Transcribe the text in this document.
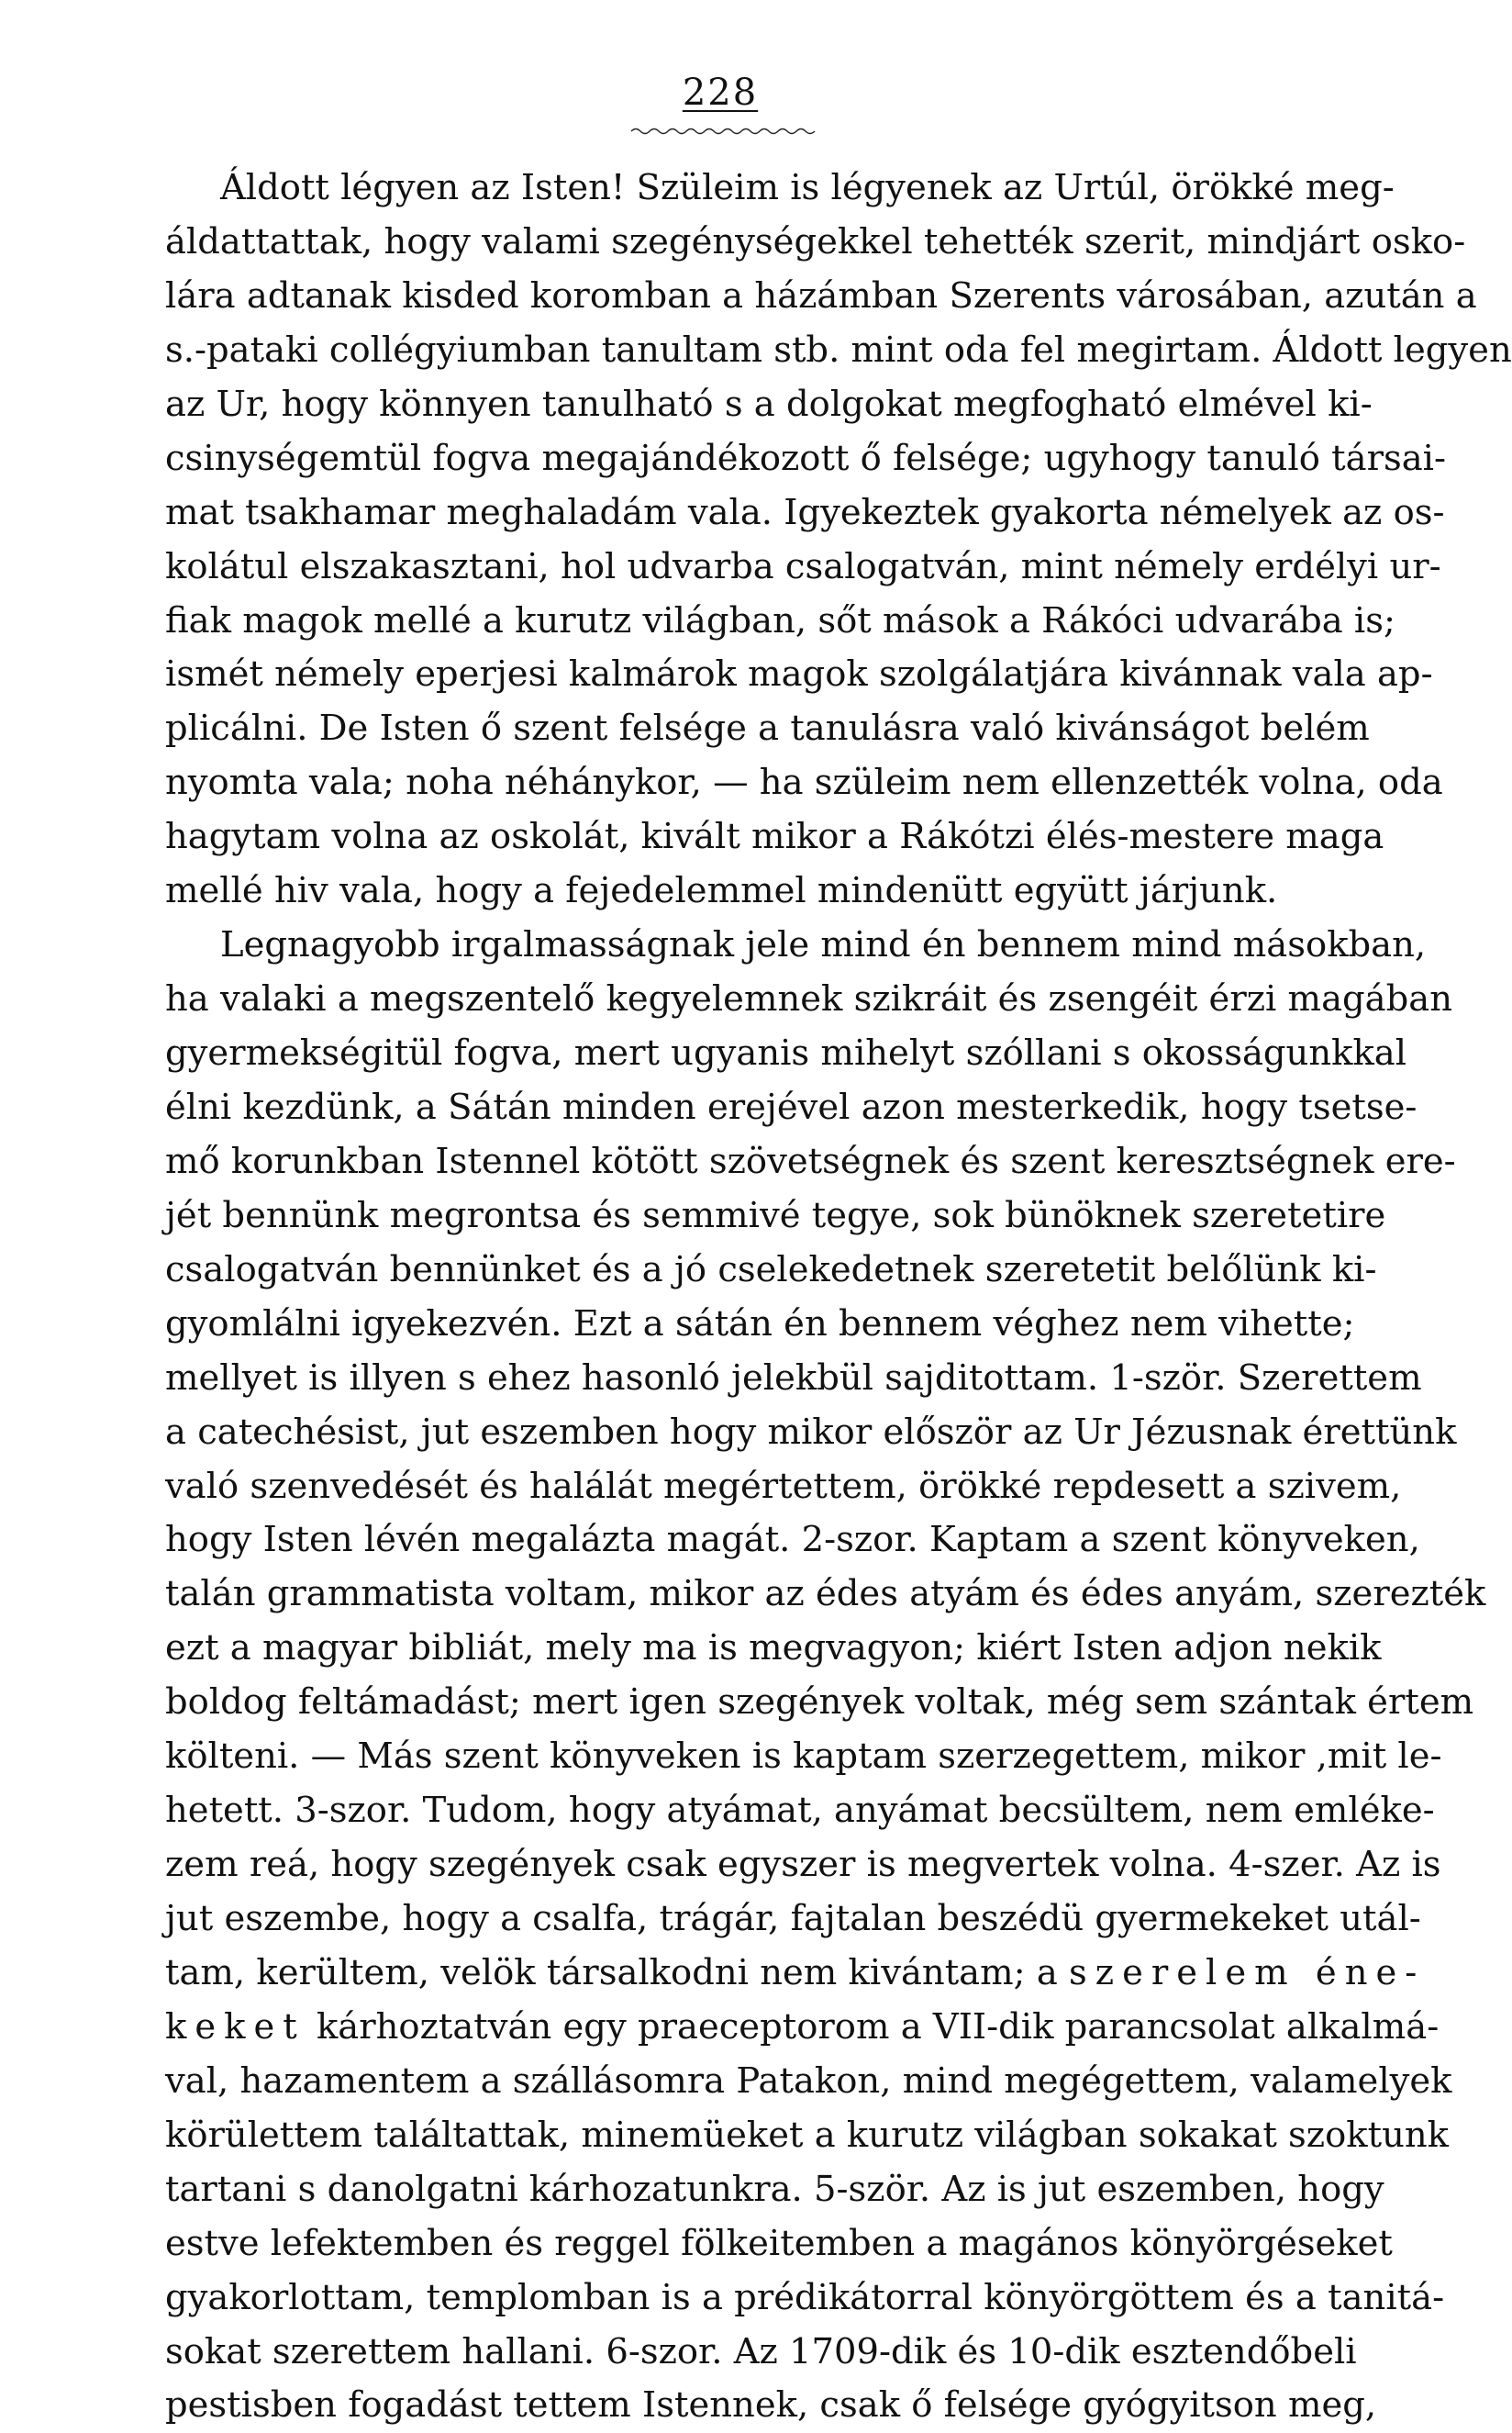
228
Áldott légyen az Isten! Szüleim is légyenek az Urtúl, örökké meg-
áldattattak, hogy valami szegénységekkel tehették szerit, mindjárt osko-
lára adtanak kisded koromban a házámban Szerents városában, azután a
s.-pataki collégyiumban tanultam stb. mint oda fel megirtam. Áldott legyen
az Ur, hogy könnyen tanulható s a dolgokat megfogható elmével ki-
csinységemtül fogva megajándékozott ő felsége; ugyhogy tanuló társai-
mat tsakhamar meghaladám vala. Igyekeztek gyakorta némelyek az os-
kolátul elszakasztani, hol udvarba csalogatván, mint némely erdélyi ur-
fiak magok mellé a kurutz világban, sőt mások a Rákóci udvarába is;
ismét némely eperjesi kalmárok magok szolgálatjára kivánnak vala ap-
plicálni. De Isten ő szent felsége a tanulásra való kivánságot belém
nyomta vala; noha néhánykor, — ha szüleim nem ellenzették volna, oda
hagytam volna az oskolát, kivált mikor a Rákótzi élés-mestere maga
mellé hiv vala, hogy a fejedelemmel mindenütt együtt járjunk.
Legnagyobb irgalmasságnak jele mind én bennem mind másokban,
ha valaki a megszentelő kegyelemnek szikráit és zsengéit érzi magában
gyermekségitül fogva, mert ugyanis mihelyt szóllani s okosságunkkal
élni kezdünk, a Sátán minden erejével azon mesterkedik, hogy tsetse-
mő korunkban Istennel kötött szövetségnek és szent keresztségnek ere-
jét bennünk megrontsa és semmivé tegye, sok bünöknek szeretetire
csalogatván bennünket és a jó cselekedetnek szeretetit belőlünk ki-
gyomlálni igyekezvén. Ezt a sátán én bennem véghez nem vihette;
mellyet is illyen s ehez hasonló jelekbül sajditottam. 1-ször. Szerettem
a catechésist, jut eszemben hogy mikor először az Ur Jézusnak érettünk
való szenvedését és halálát megértettem, örökké repdesett a szivem,
hogy Isten lévén megalázta magát. 2-szor. Kaptam a szent könyveken,
talán grammatista voltam, mikor az édes atyám és édes anyám, szerezték
ezt a magyar bibliát, mely ma is megvagyon; kiért Isten adjon nekik
boldog feltámadást; mert igen szegények voltak, még sem szántak értem
költeni. — Más szent könyveken is kaptam szerzegettem, mikor ,mit le-
hetett. 3-szor. Tudom, hogy atyámat, anyámat becsültem, nem emléke-
zem reá, hogy szegények csak egyszer is megvertek volna. 4-szer. Az is
jut eszembe, hogy a csalfa, trágár, fajtalan beszédü gyermekeket utál-
tam, kerültem, velök társalkodni nem kivántam; a szerelem éne-
keket kárhoztatván egy praeceptorom a VII-dik parancsolat alkalmá-
val, hazamentem a szállásomra Patakon, mind megégettem, valamelyek
körülettem találtattak, minemüeket a kurutz világban sokakat szoktunk
tartani s danolgatni kárhozatunkra. 5-ször. Az is jut eszemben, hogy
estve lefektemben és reggel fölkeitemben a magános könyörgéseket
gyakorlottam, templomban is a prédikátorral könyörgöttem és a tanitá-
sokat szerettem hallani. 6-szor. Az 1709-dik és 10-dik esztendőbeli
pestisben fogadást tettem Istennek, csak ő felsége gyógyitson meg,
